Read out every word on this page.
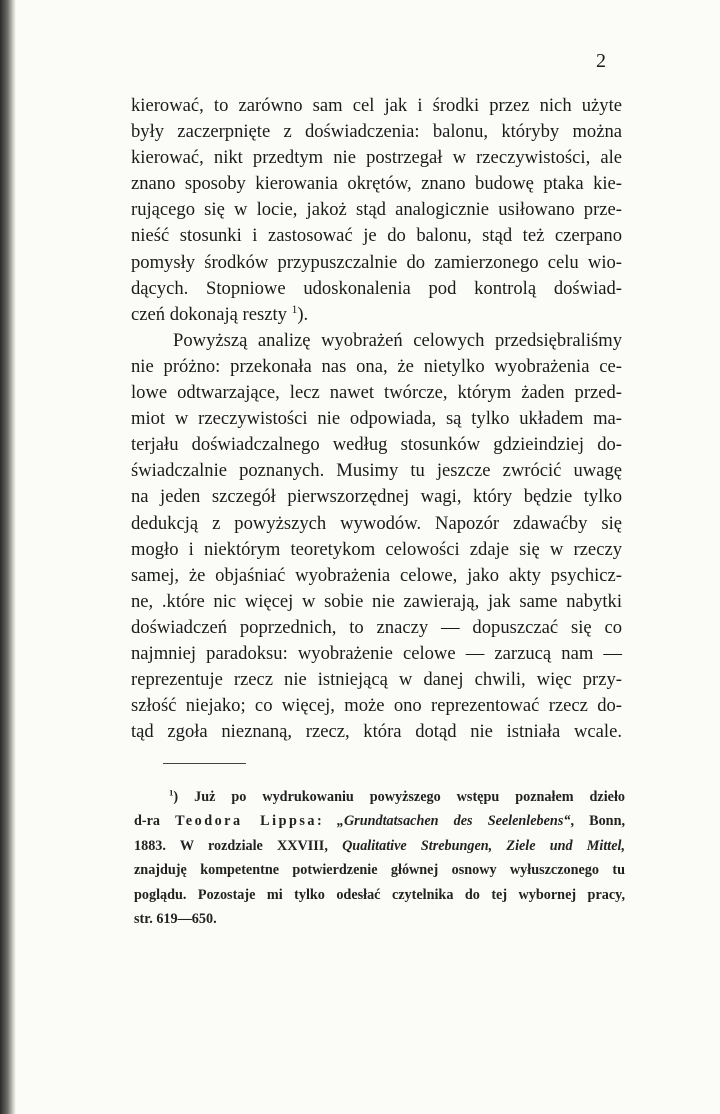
2
kierować, to zarówno sam cel jak i środki przez nich użyte
były zaczerpnięte z doświadczenia: balonu, któryby można
kierować, nikt przedtym nie postrzegał w rzeczywistości, ale
znano sposoby kierowania okrętów, znano budowę ptaka kie-
rującego się w locie, jakoż stąd analogicznie usiłowano prze-
nieść stosunki i zastosować je do balonu, stąd też czerpano
pomysły środków przypuszczalnie do zamierzonego celu wio-
dących. Stopniowe udoskonalenia pod kontrolą doświad-
czeń dokonają reszty $^1$).
Powyższą analizę wyobrażeń celowych przedsiębraliśmy
nie próżno: przekonała nas ona, że nietylko wyobrażenia ce-
lowe odtwarzające, lecz nawet twórcze, którym żaden przed-
miot w rzeczywistości nie odpowiada, są tylko układem ma-
terjału doświadczalnego według stosunków gdzieindziej do-
świadczalnie poznanych. Musimy tu jeszcze zwrócić uwagę
na jeden szczegół pierwszorzędnej wagi, który będzie tylko
dedukcją z powyższych wywodów. Napozór zdawaćby się
mogło i niektórym teoretykom celowości zdaje się w rzeczy
samej, że objaśniać wyobrażenia celowe, jako akty psychicz-
ne, .które nic więcej w sobie nie zawierają, jak same nabytki
doświadczeń poprzednich, to znaczy — dopuszczać się co
najmniej paradoksu: wyobrażenie celowe — zarzucą nam —
reprezentuje rzecz nie istniejącą w danej chwili, więc przy-
szłość niejako; co więcej, może ono reprezentować rzecz do-
tąd zgoła nieznaną, rzecz, która dotąd nie istniała wcale.
$^1$) Już po wydrukowaniu powyższego wstępu poznałem dzieło
d-ra Teodora Lippsa: „Grundtatsachen des Seelenlebens“, Bonn,
1883. W rozdziale XXVIII, Qualitative Strebungen, Ziele und Mittel,
znajduję kompetentne potwierdzenie głównej osnowy wyłuszczonego tu
poglądu. Pozostaje mi tylko odesłać czytelnika do tej wybornej pracy,
str. 619—650.
